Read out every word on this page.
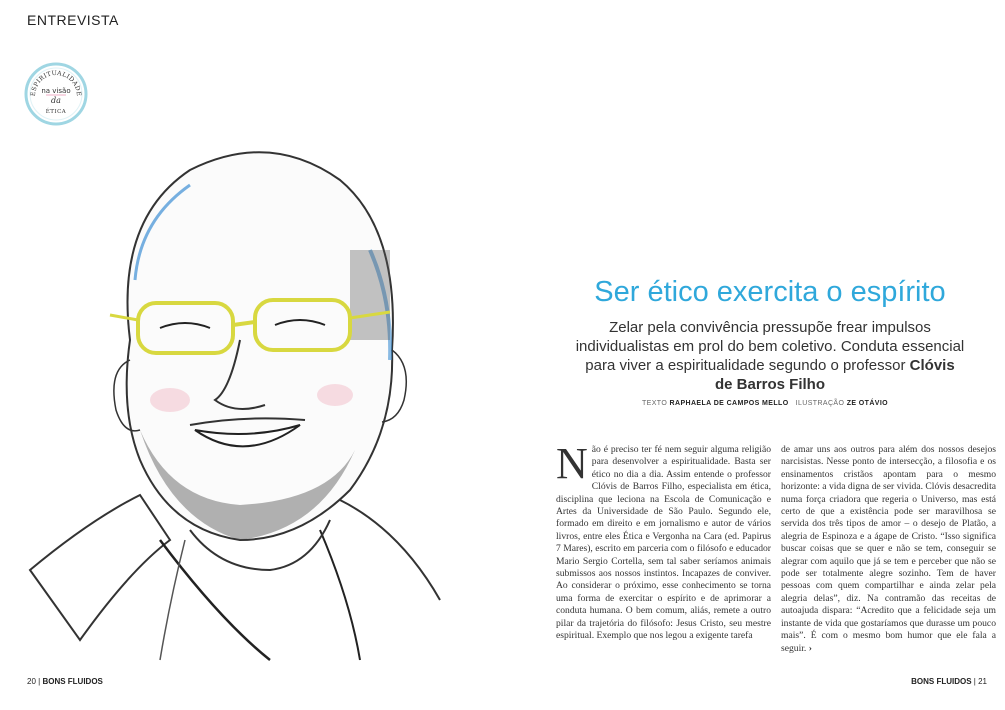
ENTREVISTA
ESPIRITUALIDADE
na visão
da
ÉTICA
Ser ético exercita o espírito
Zelar pela convivência pressupõe frear impulsos individualistas em prol do bem coletivo. Conduta essencial para viver a espiritualidade segundo o professor Clóvis de Barros Filho
TEXTO RAPHAELA DE CAMPOS MELLO ILUSTRAÇÃO ZE OTÁVIO
Não é preciso ter fé nem seguir alguma religião para desenvolver a espiritualidade. Basta ser ético no dia a dia. Assim entende o professor Clóvis de Barros Filho, especialista em ética, disciplina que leciona na Escola de Comunicação e Artes da Universidade de São Paulo. Segundo ele, formado em direito e em jornalismo e autor de vários livros, entre eles Ética e Vergonha na Cara (ed. Papirus 7 Mares), escrito em parceria com o filósofo e educador Mario Sergio Cortella, sem tal saber seríamos animais submissos aos nossos instintos. Incapazes de conviver. Ao considerar o próximo, esse conhecimento se torna uma forma de exercitar o espírito e de aprimorar a conduta humana. O bem comum, aliás, remete a outro pilar da trajetória do filósofo: Jesus Cristo, seu mestre espiritual. Exemplo que nos legou a exigente tarefa
de amar uns aos outros para além dos nossos desejos narcisistas. Nesse ponto de intersecção, a filosofia e os ensinamentos cristãos apontam para o mesmo horizonte: a vida digna de ser vivida. Clóvis desacredita numa força criadora que regeria o Universo, mas está certo de que a existência pode ser maravilhosa se servida dos três tipos de amor – o desejo de Platão, a alegria de Espinoza e a ágape de Cristo. “Isso significa buscar coisas que se quer e não se tem, conseguir se alegrar com aquilo que já se tem e perceber que não se pode ser totalmente alegre sozinho. Tem de haver pessoas com quem compartilhar e ainda zelar pela alegria delas”, diz. Na contramão das receitas de autoajuda dispara: “Acredito que a felicidade seja um instante de vida que gostaríamos que durasse um pouco mais”. É com o mesmo bom humor que ele fala a seguir. ›
20 | BONS FLUIDOS	BONS FLUIDOS | 21
